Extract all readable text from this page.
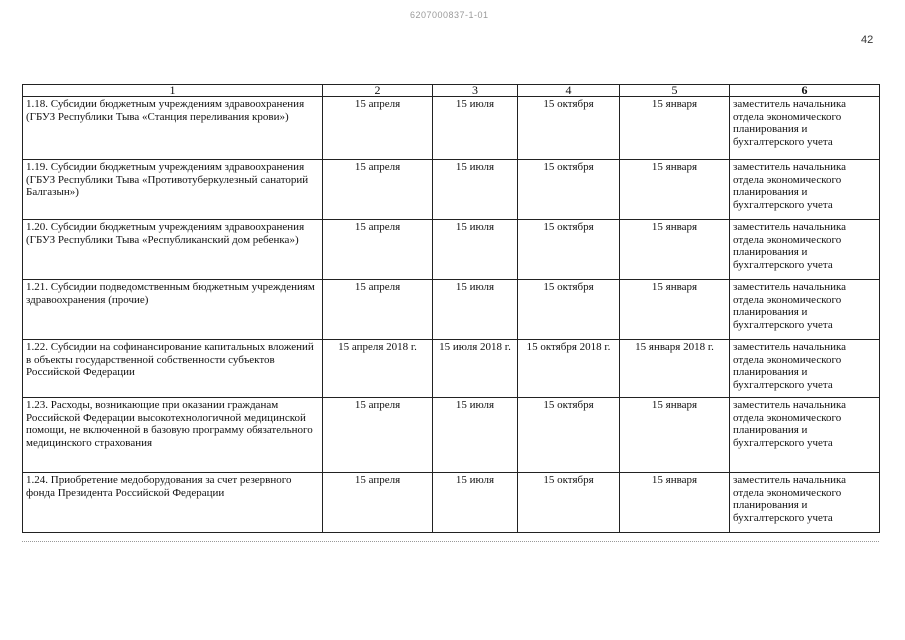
6207000837-1-01
42
1	2	3	4	5	6
1.18. Субсидии бюджетным учреждениям здравоохранения (ГБУЗ Республики Тыва «Станция переливания крови»)	15 апреля	15 июля	15 октября	15 января	заместитель начальника отдела экономического планирования и бухгалтерского учета
1.19. Субсидии бюджетным учреждениям здравоохранения (ГБУЗ Республики Тыва «Противотуберкулезный санаторий Балгазын»)	15 апреля	15 июля	15 октября	15 января	заместитель начальника отдела экономического планирования и бухгалтерского учета
1.20. Субсидии бюджетным учреждениям здравоохранения (ГБУЗ Республики Тыва «Республиканский дом ребенка»)	15 апреля	15 июля	15 октября	15 января	заместитель начальника отдела экономического планирования и бухгалтерского учета
1.21. Субсидии подведомственным бюджетным учреждениям здравоохранения (прочие)	15 апреля	15 июля	15 октября	15 января	заместитель начальника отдела экономического планирования и бухгалтерского учета
1.22. Субсидии на софинансирование капитальных вложений в объекты государственной собственности субъектов Российской Федерации	15 апреля 2018 г.	15 июля 2018 г.	15 октября 2018 г.	15 января 2018 г.	заместитель начальника отдела экономического планирования и бухгалтерского учета
1.23. Расходы, возникающие при оказании гражданам Российской Федерации высокотехнологичной медицинской помощи, не включенной в базовую программу обязательного медицинского страхования	15 апреля	15 июля	15 октября	15 января	заместитель начальника отдела экономического планирования и бухгалтерского учета
1.24. Приобретение медоборудования за счет резервного фонда Президента Российской Федерации	15 апреля	15 июля	15 октября	15 января	заместитель начальника отдела экономического планирования и бухгалтерского учета
